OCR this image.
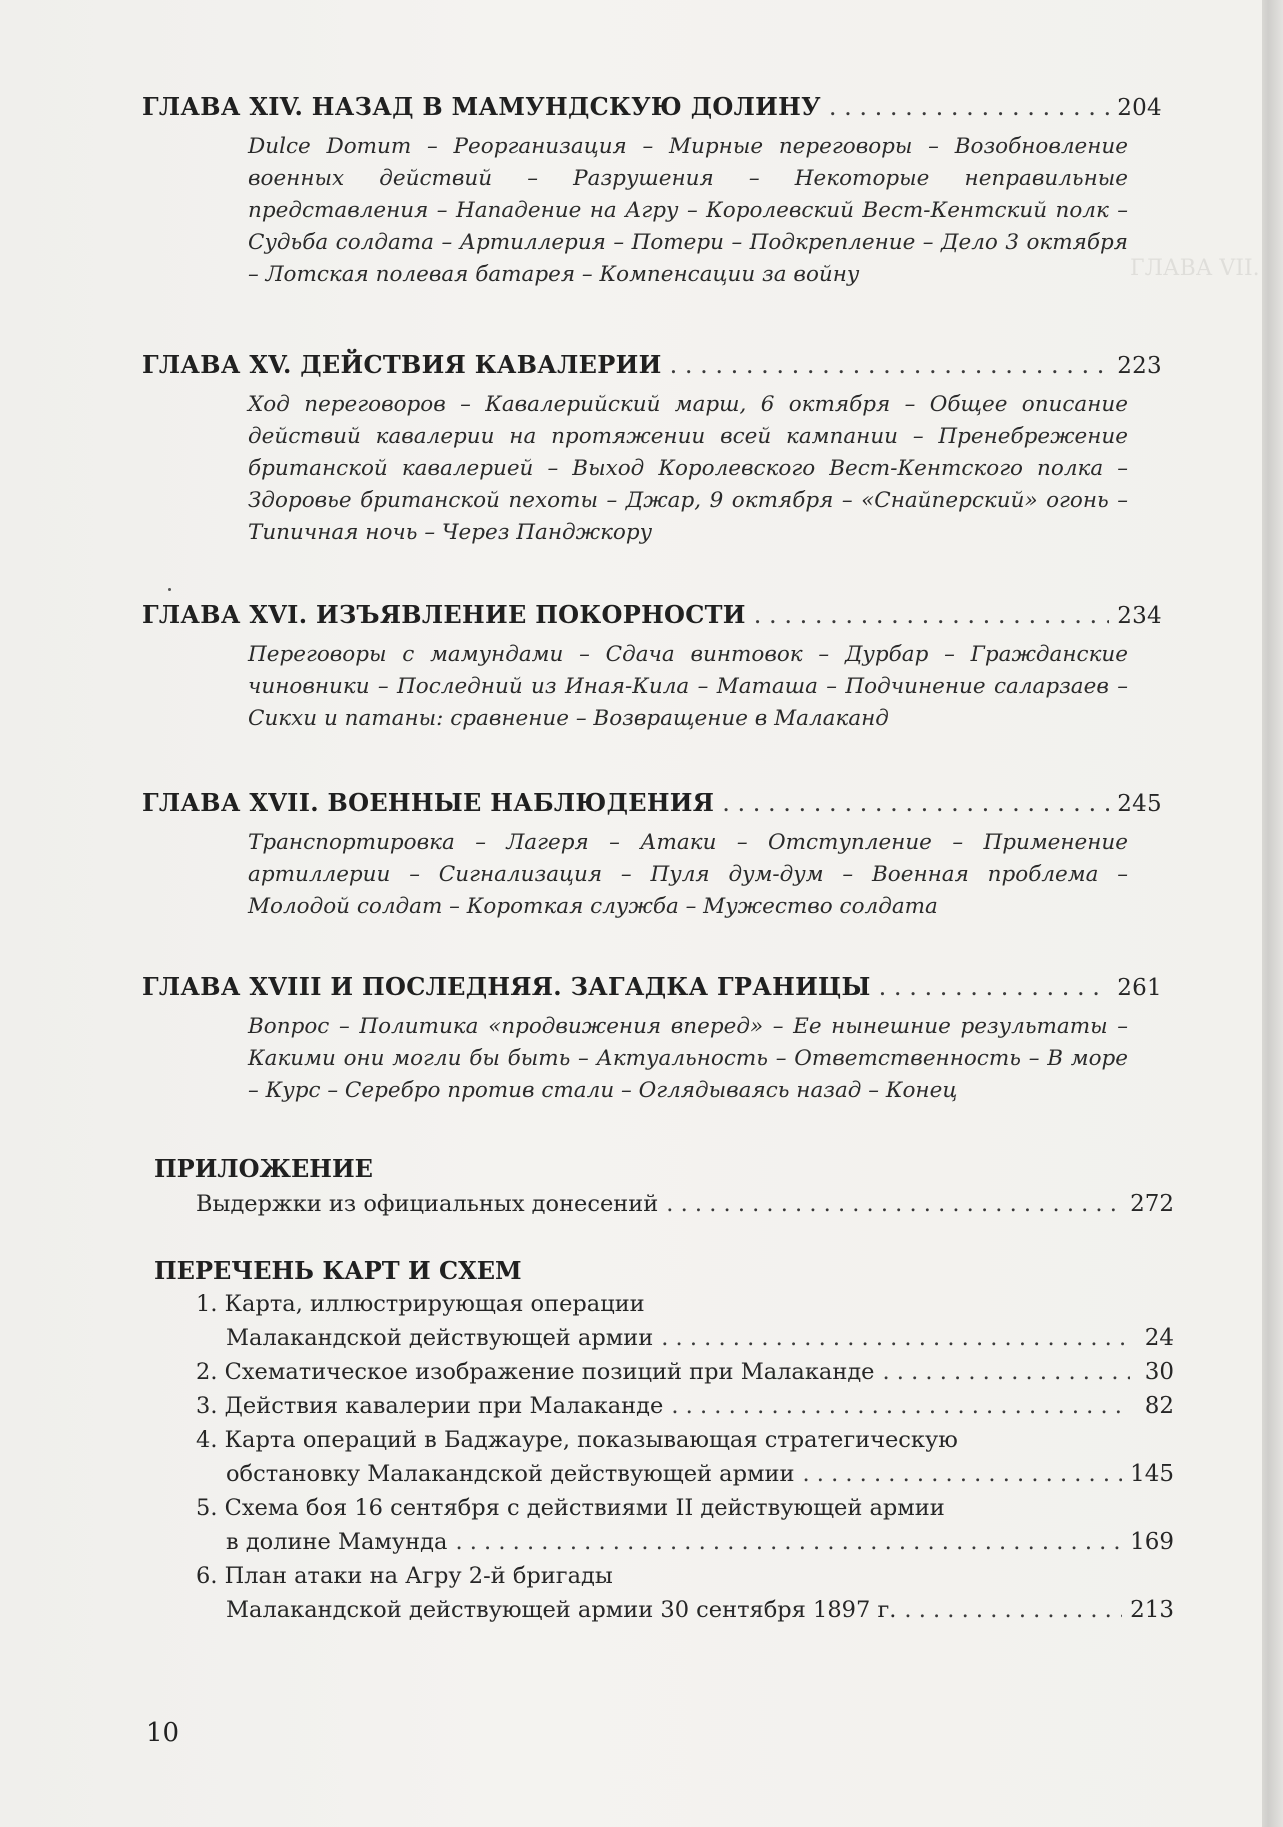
ГЛАВА VII.
ГЛАВА XIV. НАЗАД В МАМУНДСКУЮ ДОЛИНУ . . .	204
Dulce Domum – Реорганизация – Мирные переговоры – Возобновление военных действий – Разрушения – Некоторые неправильные представления – Нападение на Агру – Королевский Вест-Кентский полк – Судьба солдата – Артиллерия – Потери – Подкрепление – Дело 3 октября – Лотская полевая батарея – Компенсации за войну
ГЛАВА XV. ДЕЙСТВИЯ КАВАЛЕРИИ . . .	223
Ход переговоров – Кавалерийский марш, 6 октября – Общее описание действий кавалерии на протяжении всей кампании – Пренебрежение британской кавалерией – Выход Королевского Вест-Кентского полка – Здоровье британской пехоты – Джар, 9 октября – «Снайперский» огонь – Типичная ночь – Через Панджкору
ГЛАВА XVI. ИЗЪЯВЛЕНИЕ ПОКОРНОСТИ . . .	234
Переговоры с мамундами – Сдача винтовок – Дурбар – Гражданские чиновники – Последний из Иная-Кила – Маташа – Подчинение саларзаев – Сикхи и патаны: сравнение – Возвращение в Малаканд
ГЛАВА XVII. ВОЕННЫЕ НАБЛЮДЕНИЯ . . .	245
Транспортировка – Лагеря – Атаки – Отступление – Применение артиллерии – Сигнализация – Пуля дум-дум – Военная проблема – Молодой солдат – Короткая служба – Мужество солдата
ГЛАВА XVIII И ПОСЛЕДНЯЯ. ЗАГАДКА ГРАНИЦЫ . . .	261
Вопрос – Политика «продвижения вперед» – Ее нынешние результаты – Какими они могли бы быть – Актуальность – Ответственность – В море – Курс – Серебро против стали – Оглядываясь назад – Конец
ПРИЛОЖЕНИЕ
Выдержки из официальных донесений . . .	272
ПЕРЕЧЕНЬ КАРТ И СХЕМ
1. Карта, иллюстрирующая операции
Малакандской действующей армии . . .	24
2. Схематическое изображение позиций при Малаканде . . .	30
3. Действия кавалерии при Малаканде . . .	82
4. Карта операций в Баджауре, показывающая стратегическую
обстановку Малакандской действующей армии . . .	145
5. Схема боя 16 сентября с действиями II действующей армии
в долине Мамунда . . .	169
6. План атаки на Агру 2-й бригады
Малакандской действующей армии 30 сентября 1897 г. . . .	213
10
